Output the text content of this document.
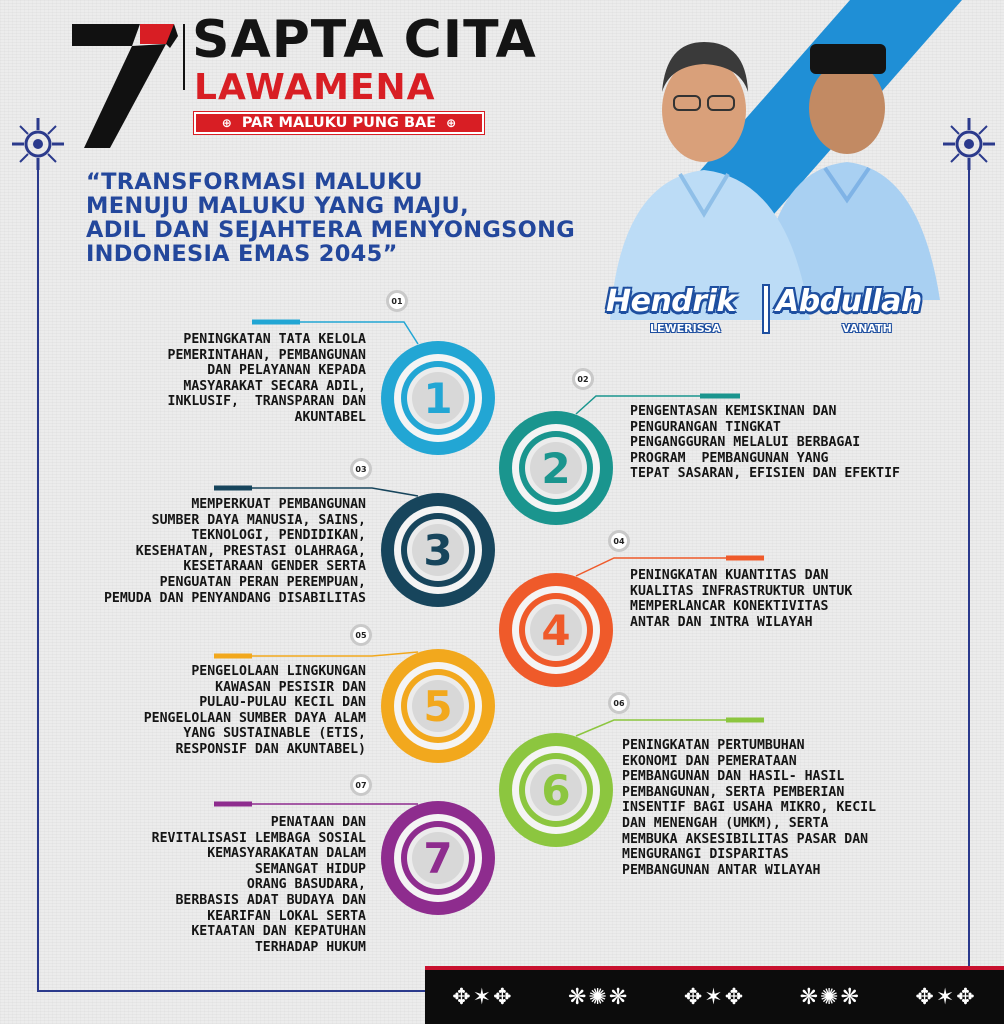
SAPTA CITA
LAWAMENA
⊕ PAR MALUKU PUNG BAE ⊕
“TRANSFORMASI MALUKU
MENUJU MALUKU YANG MAJU,
ADIL DAN SEJAHTERA MENYONGSONG
INDONESIA EMAS 2045”
Hendrik
LEWERISSA
Abdullah
VANATH
1
01
PENINGKATAN TATA KELOLA
PEMERINTAHAN, PEMBANGUNAN
DAN PELAYANAN KEPADA
MASYARAKAT SECARA ADIL,
INKLUSIF,  TRANSPARAN DAN
AKUNTABEL
2
02
PENGENTASAN KEMISKINAN DAN
PENGURANGAN TINGKAT
PENGANGGURAN MELALUI BERBAGAI
PROGRAM  PEMBANGUNAN YANG
TEPAT SASARAN, EFISIEN DAN EFEKTIF
3
03
MEMPERKUAT PEMBANGUNAN
SUMBER DAYA MANUSIA, SAINS,
TEKNOLOGI, PENDIDIKAN,
KESEHATAN, PRESTASI OLAHRAGA,
KESETARAAN GENDER SERTA
PENGUATAN PERAN PEREMPUAN,
PEMUDA DAN PENYANDANG DISABILITAS
4
04
PENINGKATAN KUANTITAS DAN
KUALITAS INFRASTRUKTUR UNTUK
MEMPERLANCAR KONEKTIVITAS
ANTAR DAN INTRA WILAYAH
5
05
PENGELOLAAN LINGKUNGAN
KAWASAN PESISIR DAN
PULAU-PULAU KECIL DAN
PENGELOLAAN SUMBER DAYA ALAM
YANG SUSTAINABLE (ETIS,
RESPONSIF DAN AKUNTABEL)
6
06
PENINGKATAN PERTUMBUHAN
EKONOMI DAN PEMERATAAN
PEMBANGUNAN DAN HASIL- HASIL
PEMBANGUNAN, SERTA PEMBERIAN
INSENTIF BAGI USAHA MIKRO, KECIL
DAN MENENGAH (UMKM), SERTA
MEMBUKA AKSESIBILITAS PASAR DAN
MENGURANGI DISPARITAS
PEMBANGUNAN ANTAR WILAYAH
7
07
PENATAAN DAN
REVITALISASI LEMBAGA SOSIAL
KEMASYARAKATAN DALAM
SEMANGAT HIDUP
ORANG BASUDARA,
BERBASIS ADAT BUDAYA DAN
KEARIFAN LOKAL SERTA
KETAATAN DAN KEPATUHAN
TERHADAP HUKUM
✥✶✥ ❋✺❋ ✥✶✥ ❋✺❋ ✥✶✥
